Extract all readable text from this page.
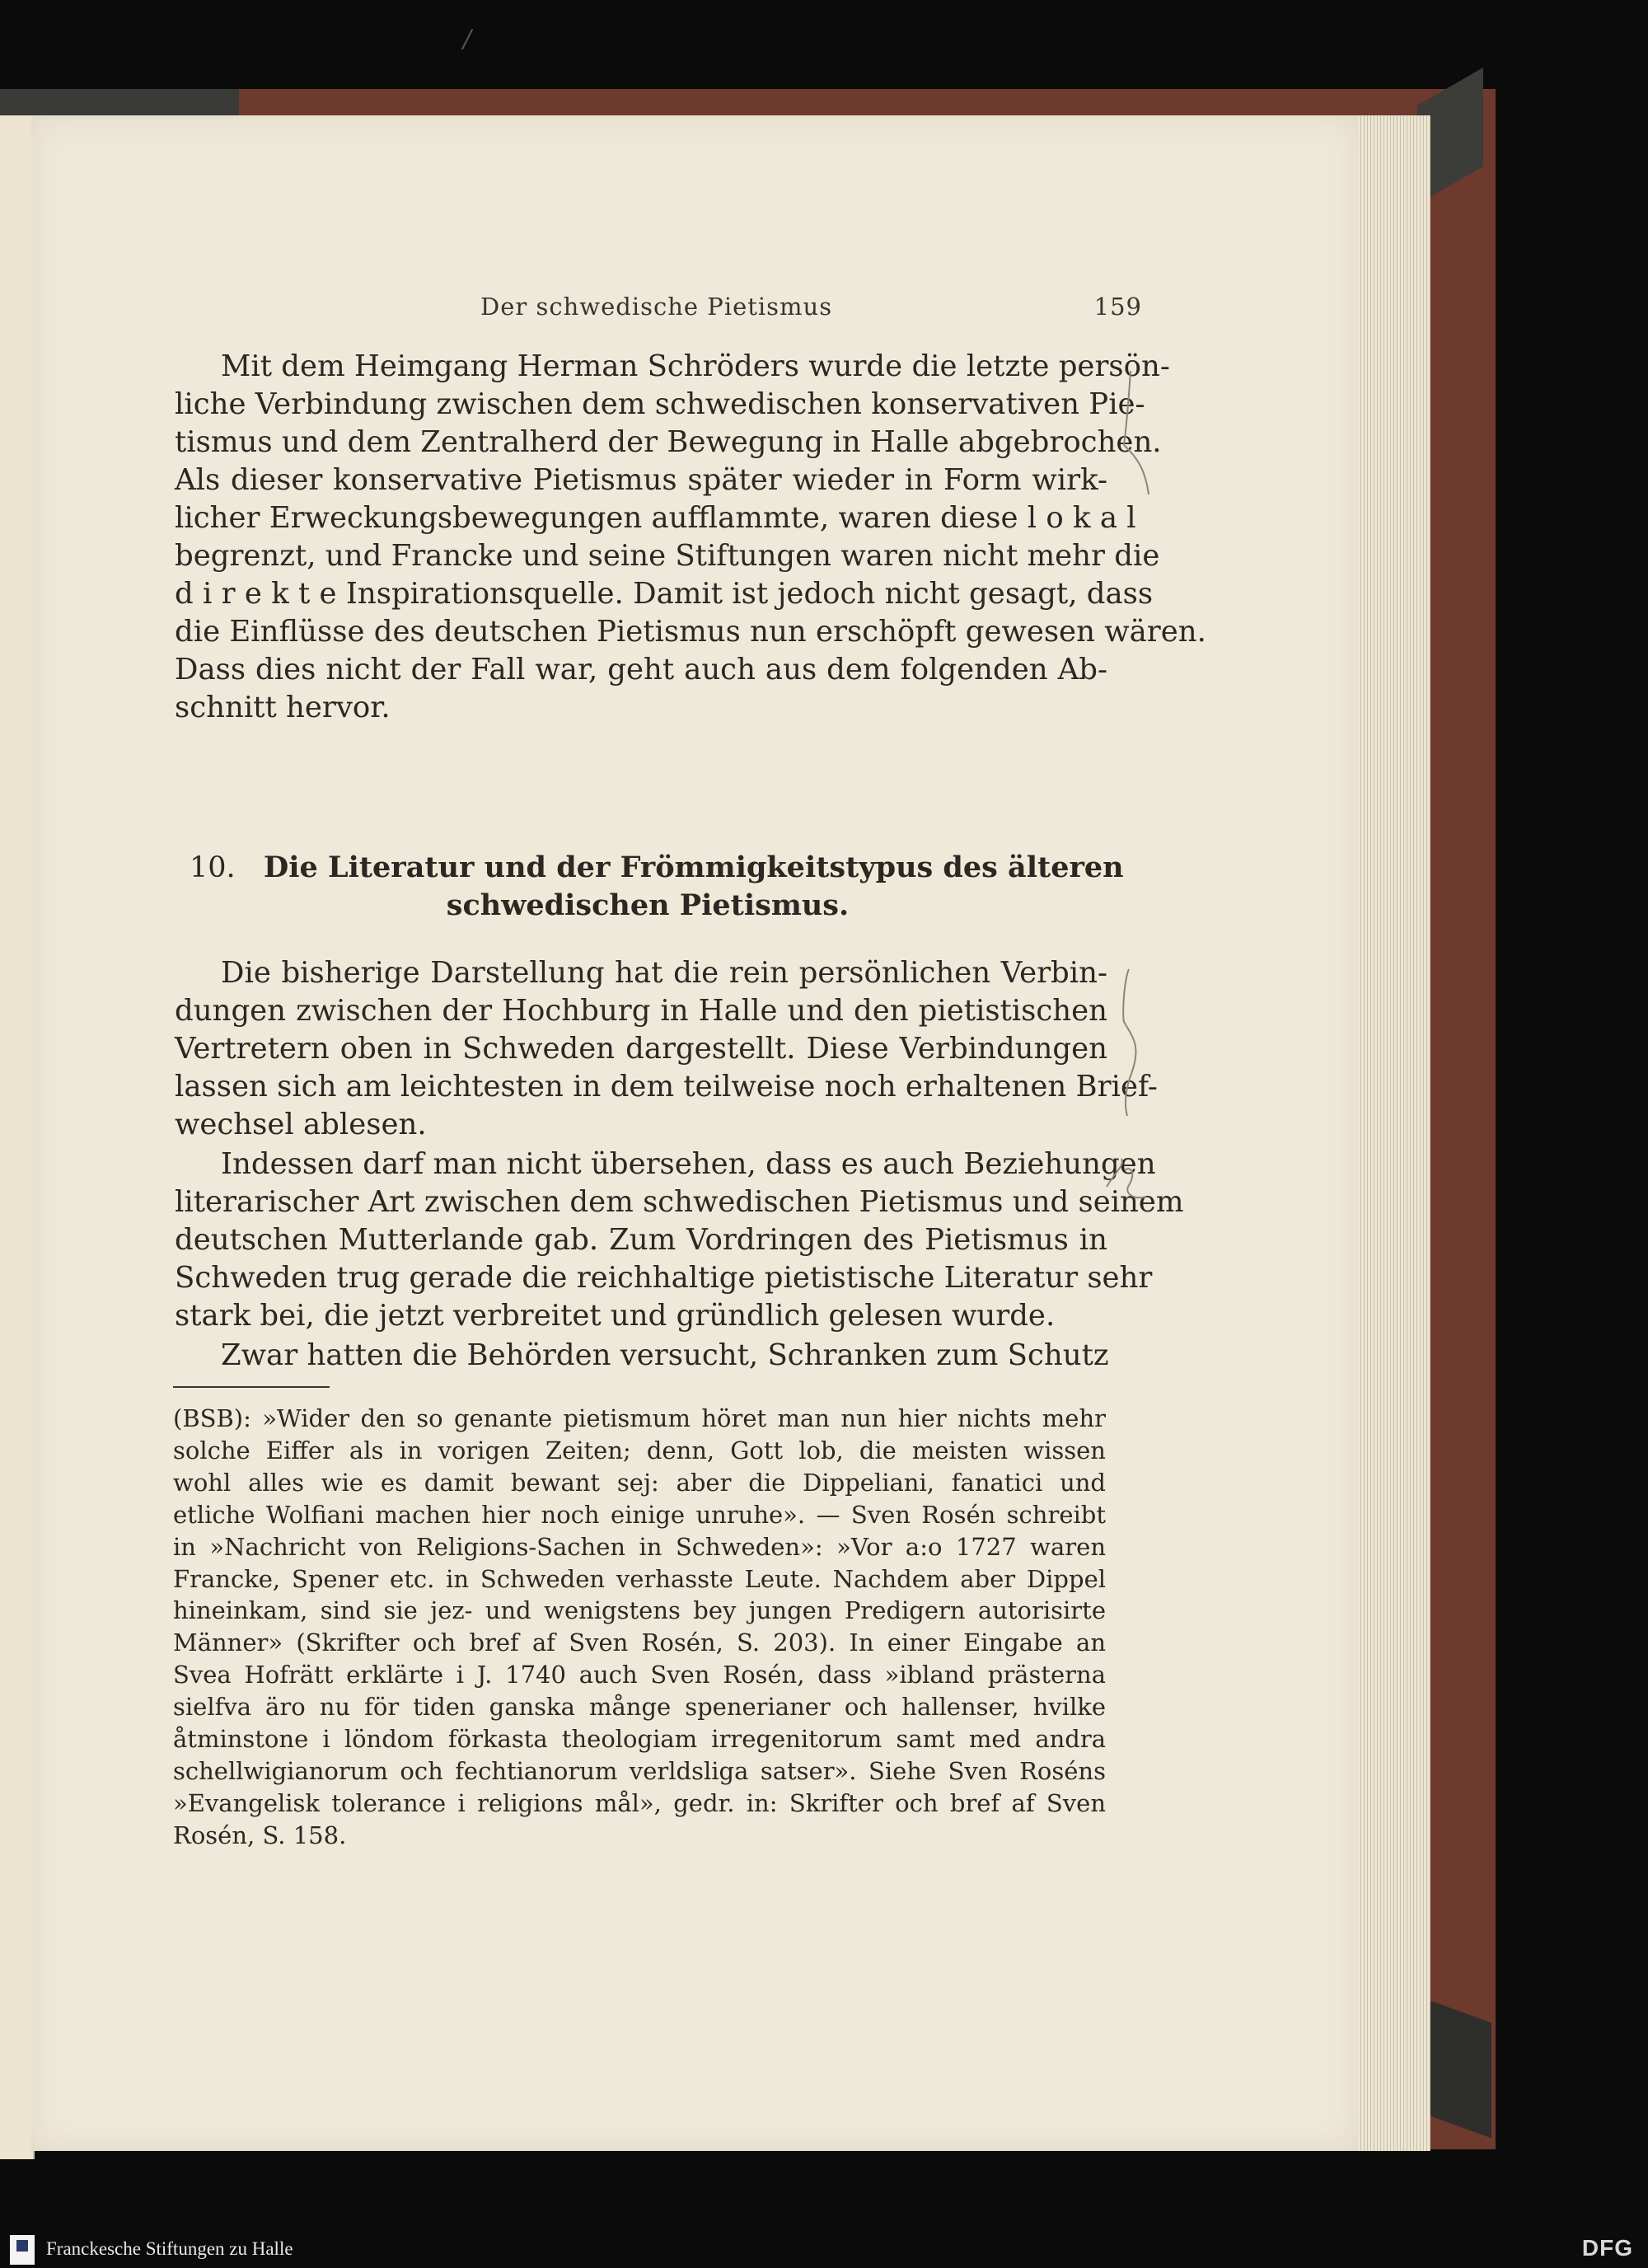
Der schwedische Pietismus	159
Mit dem Heimgang Herman Schröders wurde die letzte persön-
liche Verbindung zwischen dem schwedischen konservativen Pie-
tismus und dem Zentralherd der Bewegung in Halle abgebrochen.
Als dieser konservative Pietismus später wieder in Form wirk-
licher Erweckungsbewegungen aufflammte, waren diese l o k a l
begrenzt, und Francke und seine Stiftungen waren nicht mehr die
d i r e k t e Inspirationsquelle. Damit ist jedoch nicht gesagt, dass
die Einflüsse des deutschen Pietismus nun erschöpft gewesen wären.
Dass dies nicht der Fall war, geht auch aus dem folgenden Ab-
schnitt hervor.
10. Die Literatur und der Frömmigkeitstypus des älteren
schwedischen Pietismus.
Die bisherige Darstellung hat die rein persönlichen Verbin-
dungen zwischen der Hochburg in Halle und den pietistischen
Vertretern oben in Schweden dargestellt. Diese Verbindungen
lassen sich am leichtesten in dem teilweise noch erhaltenen Brief-
wechsel ablesen.
Indessen darf man nicht übersehen, dass es auch Beziehungen
literarischer Art zwischen dem schwedischen Pietismus und seinem
deutschen Mutterlande gab. Zum Vordringen des Pietismus in
Schweden trug gerade die reichhaltige pietistische Literatur sehr
stark bei, die jetzt verbreitet und gründlich gelesen wurde.
Zwar hatten die Behörden versucht, Schranken zum Schutz
(BSB): »Wider den so genante pietismum höret man nun hier nichts mehr
solche Eiffer als in vorigen Zeiten; denn, Gott lob, die meisten wissen
wohl alles wie es damit bewant sej: aber die Dippeliani, fanatici und
etliche Wolfiani machen hier noch einige unruhe». — Sven Rosén schreibt
in »Nachricht von Religions-Sachen in Schweden»: »Vor a:o 1727 waren
Francke, Spener etc. in Schweden verhasste Leute. Nachdem aber Dippel
hineinkam, sind sie jez- und wenigstens bey jungen Predigern autorisirte
Männer» (Skrifter och bref af Sven Rosén, S. 203). In einer Eingabe an
Svea Hofrätt erklärte i J. 1740 auch Sven Rosén, dass »ibland prästerna
sielfva äro nu för tiden ganska månge spenerianer och hallenser, hvilke
åtminstone i löndom förkasta theologiam irregenitorum samt med andra
schellwigianorum och fechtianorum verldsliga satser». Siehe Sven Roséns
»Evangelisk tolerance i religions mål», gedr. in: Skrifter och bref af Sven
Rosén, S. 158.
/
Franckesche Stiftungen zu Halle	DFG
